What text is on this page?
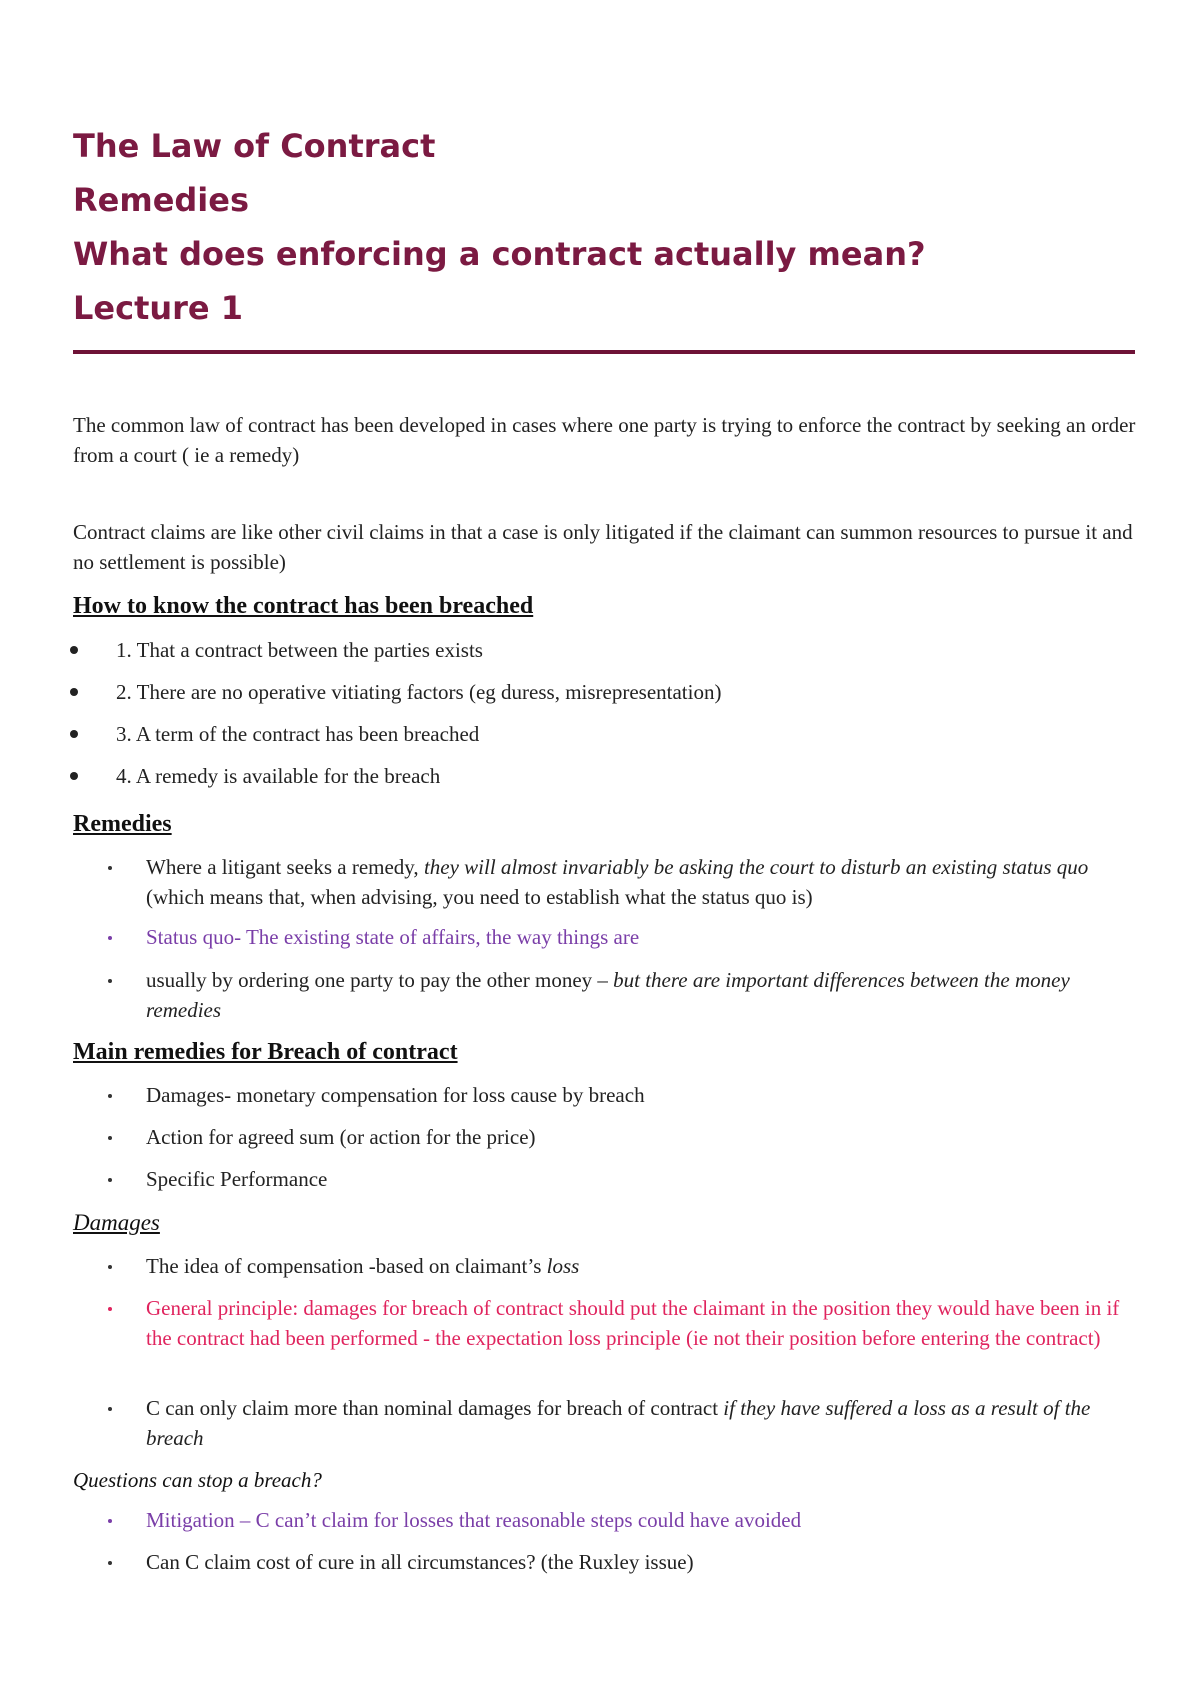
The Law of Contract
Remedies
What does enforcing a contract actually mean?
Lecture 1
The common law of contract has been developed in cases where one party is trying to enforce the contract by seeking an order from a court ( ie a remedy)
Contract claims are like other civil claims in that a case is only litigated if the claimant can summon resources to pursue it and no settlement is possible)
How to know the contract has been breached
1. That a contract between the parties exists
2. There are no operative vitiating factors (eg duress, misrepresentation)
3. A term of the contract has been breached
4. A remedy is available for the breach
Remedies
Where a litigant seeks a remedy, they will almost invariably be asking the court to disturb an existing status quo (which means that, when advising, you need to establish what the status quo is)
Status quo- The existing state of affairs, the way things are
usually by ordering one party to pay the other money – but there are important differences between the money remedies
Main remedies for Breach of contract
Damages- monetary compensation for loss cause by breach
Action for agreed sum (or action for the price)
Specific Performance
Damages
The idea of compensation -based on claimant’s loss
General principle: damages for breach of contract should put the claimant in the position they would have been in if the contract had been performed - the expectation loss principle (ie not their position before entering the contract)
C can only claim more than nominal damages for breach of contract if they have suffered a loss as a result of the breach
Questions can stop a breach?
Mitigation – C can’t claim for losses that reasonable steps could have avoided
Can C claim cost of cure in all circumstances? (the Ruxley issue)
